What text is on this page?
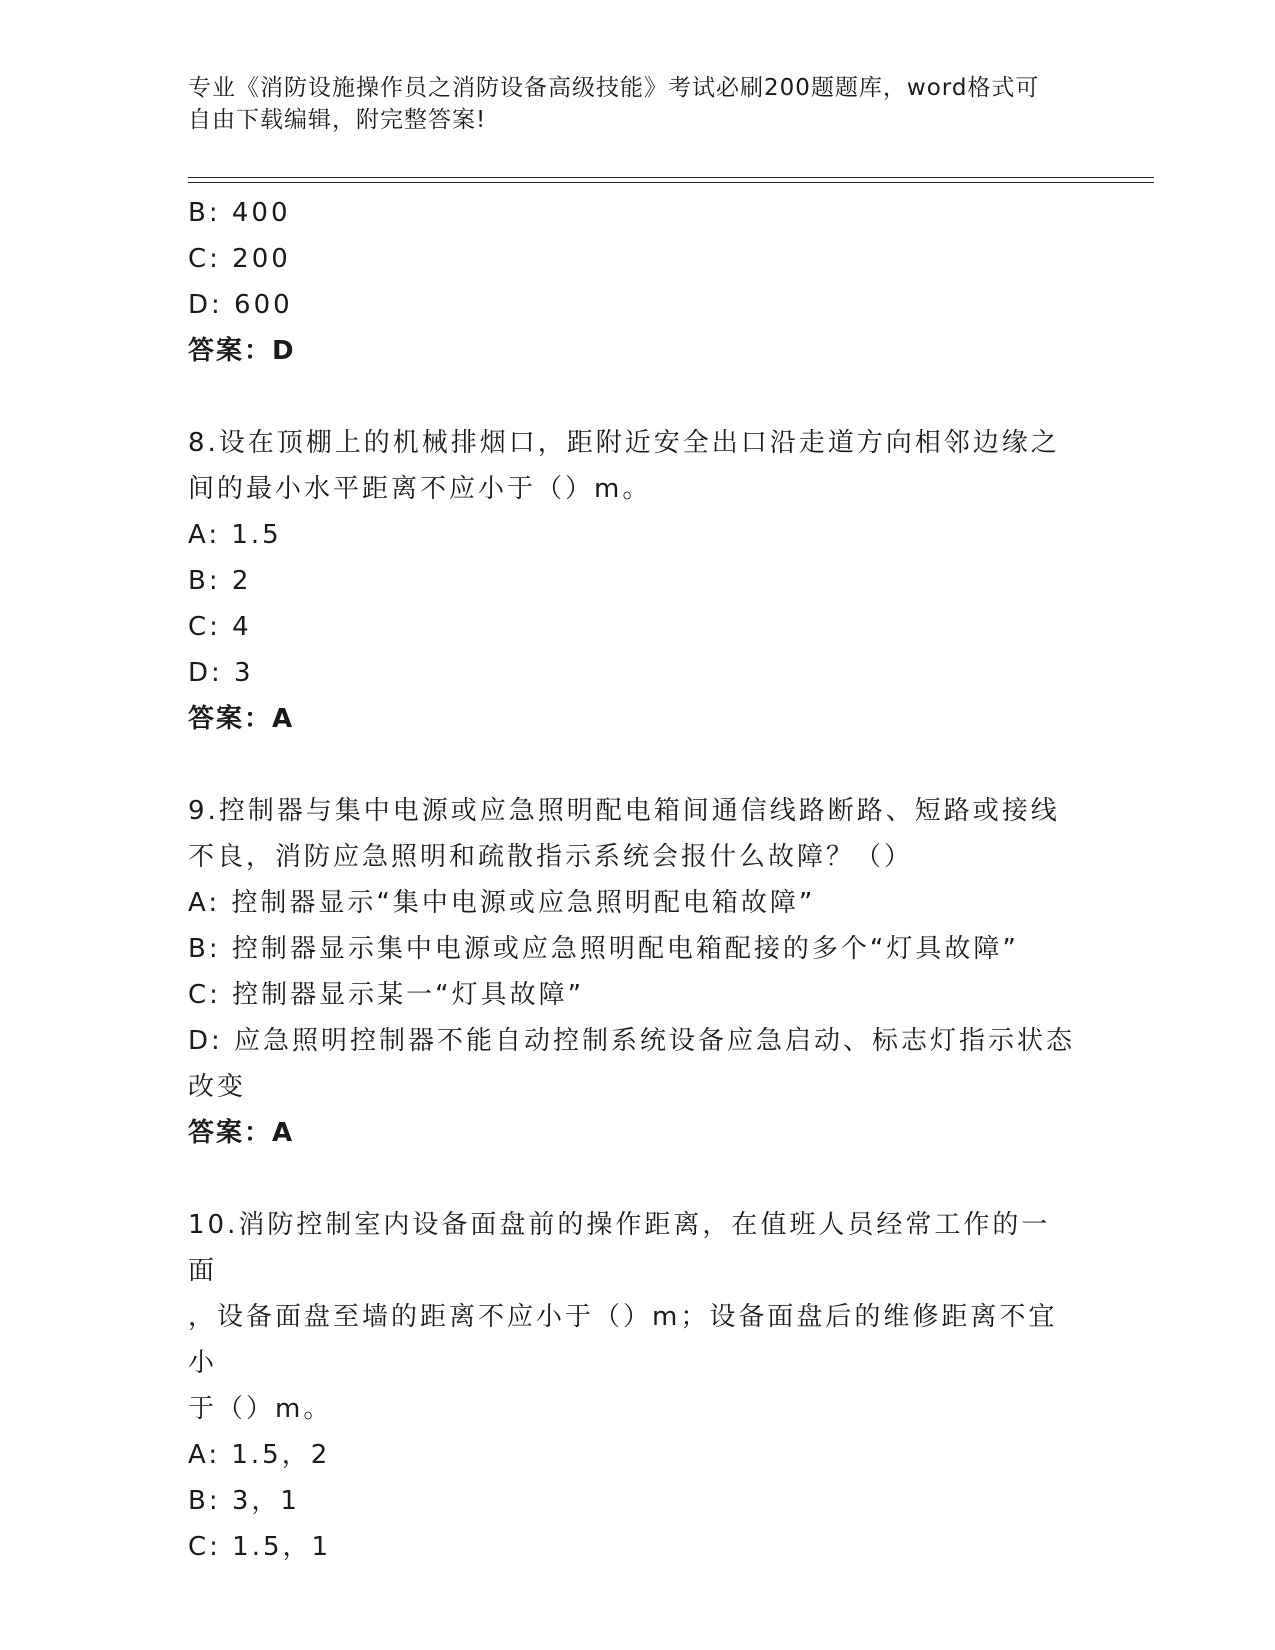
专业《消防设施操作员之消防设备高级技能》考试必刷200题题库，word格式可
自由下载编辑，附完整答案!
B: 400
C: 200
D: 600
答案：D
8.设在顶棚上的机械排烟口，距附近安全出口沿走道方向相邻边缘之
间的最小水平距离不应小于（）m。
A: 1.5
B: 2
C: 4
D: 3
答案：A
9.控制器与集中电源或应急照明配电箱间通信线路断路、短路或接线
不良，消防应急照明和疏散指示系统会报什么故障？（）
A: 控制器显示“集中电源或应急照明配电箱故障”
B: 控制器显示集中电源或应急照明配电箱配接的多个“灯具故障”
C: 控制器显示某一“灯具故障”
D: 应急照明控制器不能自动控制系统设备应急启动、标志灯指示状态
改变
答案：A
10.消防控制室内设备面盘前的操作距离，在值班人员经常工作的一面
，设备面盘至墙的距离不应小于（）m；设备面盘后的维修距离不宜小
于（）m。
A: 1.5，2
B: 3，1
C: 1.5，1
